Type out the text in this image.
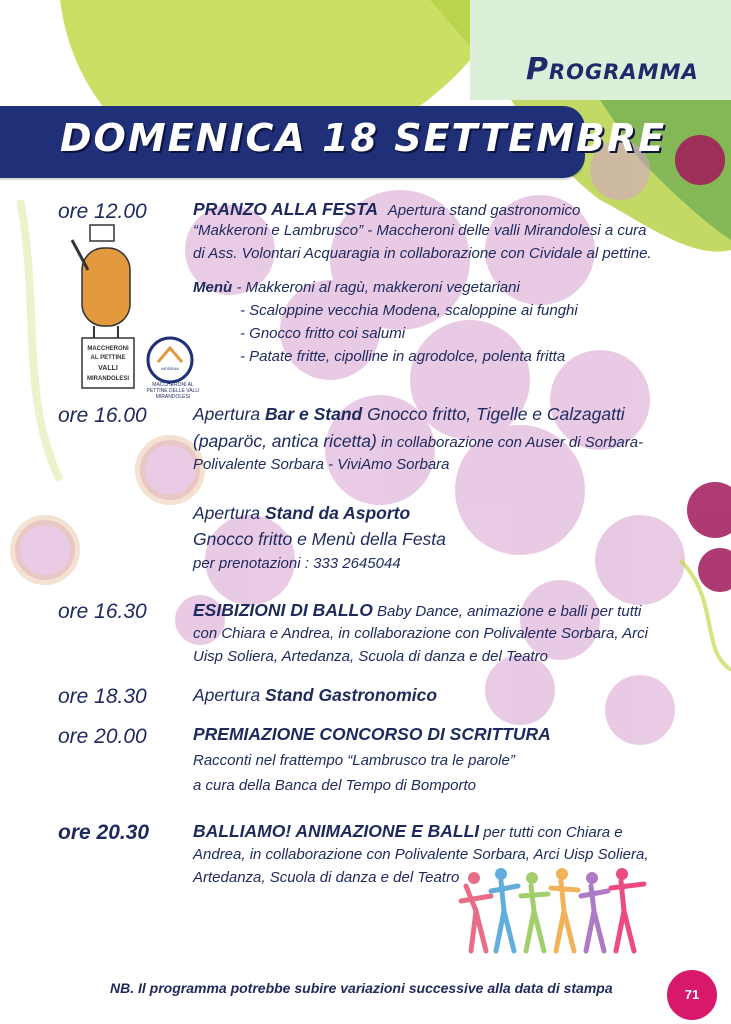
Programma
DOMENICA 18 SETTEMBRE
MACCHERONI
AL PETTINE
VALLI
MIRANDOLESI
MODENA
MACCHERONI AL PETTINE DELLE VALLI MIRANDOLESI
ore 12.00	PRANZO ALLA FESTA Apertura stand gastronomico
“Makkeroni e Lambrusco” - Maccheroni delle valli Mirandolesi a cura
di Ass. Volontari Acquaragia in collaborazione con Cividale al pettine.
Menù - Makkeroni al ragù, makkeroni vegetariani
- Scaloppine vecchia Modena, scaloppine ai funghi
- Gnocco fritto coi salumi
- Patate fritte, cipolline in agrodolce, polenta fritta
ore 16.00	Apertura Bar e Stand Gnocco fritto, Tigelle e Calzagatti
(paparöc, antica ricetta) in collaborazione con Auser di Sorbara-
Polivalente Sorbara - ViviAmo Sorbara
Apertura Stand da Asporto
Gnocco fritto e Menù della Festa
per prenotazioni : 333 2645044
ore 16.30	ESIBIZIONI DI BALLO Baby Dance, animazione e balli per tutti
con Chiara e Andrea, in collaborazione con Polivalente Sorbara, Arci
Uisp Soliera, Artedanza, Scuola di danza e del Teatro
ore 18.30	Apertura Stand Gastronomico
ore 20.00	PREMIAZIONE CONCORSO DI SCRITTURA
Racconti nel frattempo “Lambrusco tra le parole”
a cura della Banca del Tempo di Bomporto
ore 20.30	BALLIAMO! ANIMAZIONE E BALLI per tutti con Chiara e
Andrea, in collaborazione con Polivalente Sorbara, Arci Uisp Soliera,
Artedanza, Scuola di danza e del Teatro
NB. Il programma potrebbe subire variazioni successive alla data di stampa	71
